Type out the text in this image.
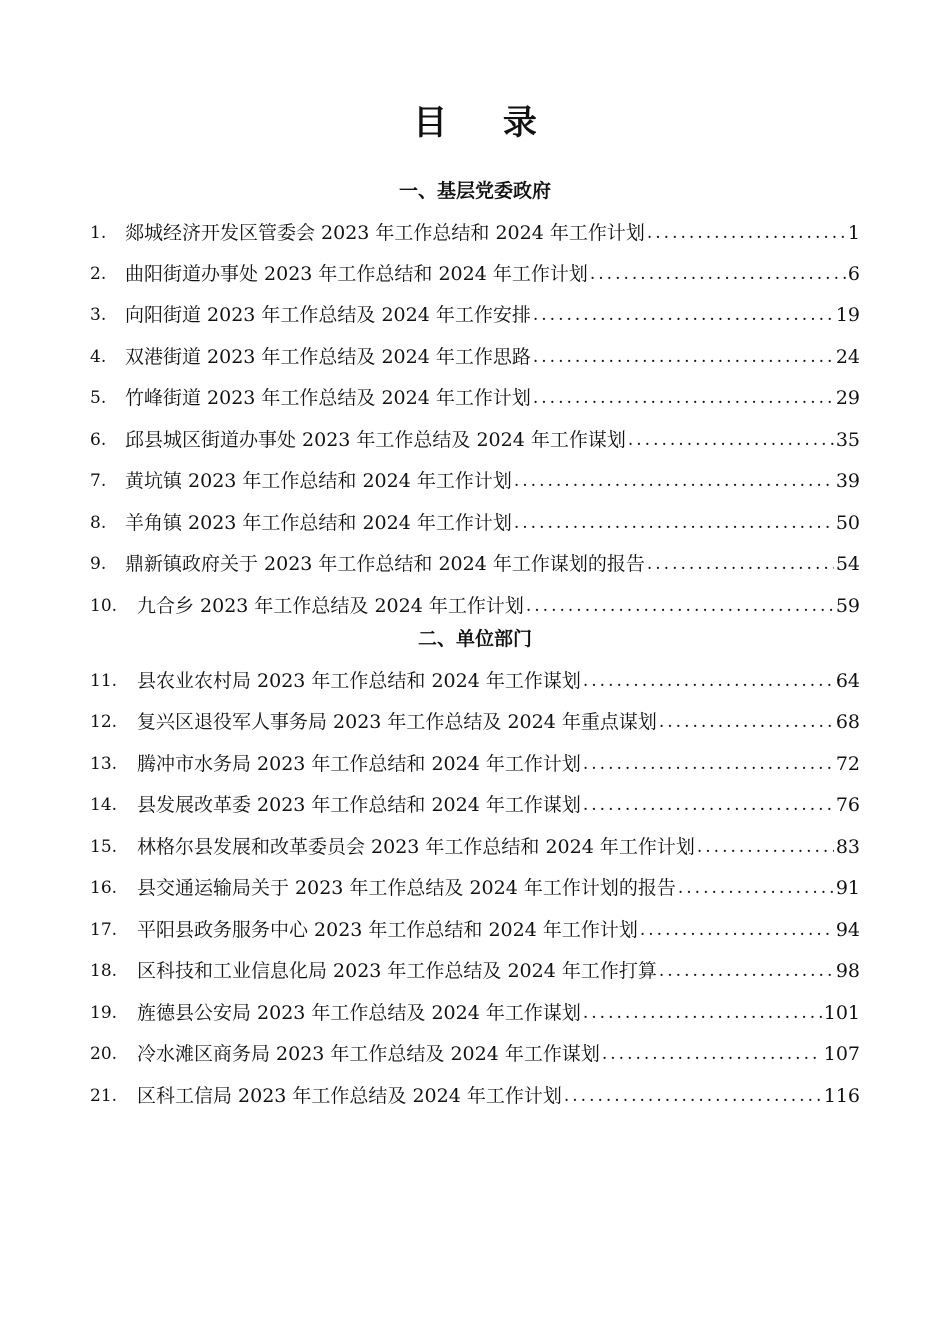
目 录
一、基层党委政府
1. 郯城经济开发区管委会 2023 年工作总结和 2024 年工作计划 .....	1
2. 曲阳街道办事处 2023 年工作总结和 2024 年工作计划 .....	6
3. 向阳街道 2023 年工作总结及 2024 年工作安排 .....	19
4. 双港街道 2023 年工作总结及 2024 年工作思路 .....	24
5. 竹峰街道 2023 年工作总结及 2024 年工作计划 .....	29
6. 邱县城区街道办事处 2023 年工作总结及 2024 年工作谋划 .....	35
7. 黄坑镇 2023 年工作总结和 2024 年工作计划 .....	39
8. 羊角镇 2023 年工作总结和 2024 年工作计划 .....	50
9. 鼎新镇政府关于 2023 年工作总结和 2024 年工作谋划的报告 .....	54
10.	九合乡 2023 年工作总结及 2024 年工作计划 .....	59
二、单位部门
11.	县农业农村局 2023 年工作总结和 2024 年工作谋划 .....	64
12.	复兴区退役军人事务局 2023 年工作总结及 2024 年重点谋划 .....	68
13.	腾冲市水务局 2023 年工作总结和 2024 年工作计划 .....	72
14.	县发展改革委 2023 年工作总结和 2024 年工作谋划 .....	76
15.	林格尔县发展和改革委员会 2023 年工作总结和 2024 年工作计划 .....	83
16.	县交通运输局关于 2023 年工作总结及 2024 年工作计划的报告 .....	91
17.	平阳县政务服务中心 2023 年工作总结和 2024 年工作计划 .....	94
18.	区科技和工业信息化局 2023 年工作总结及 2024 年工作打算 .....	98
19.	旌德县公安局 2023 年工作总结及 2024 年工作谋划 .....	101
20.	冷水滩区商务局 2023 年工作总结及 2024 年工作谋划 .....	107
21.	区科工信局 2023 年工作总结及 2024 年工作计划 .....	116
